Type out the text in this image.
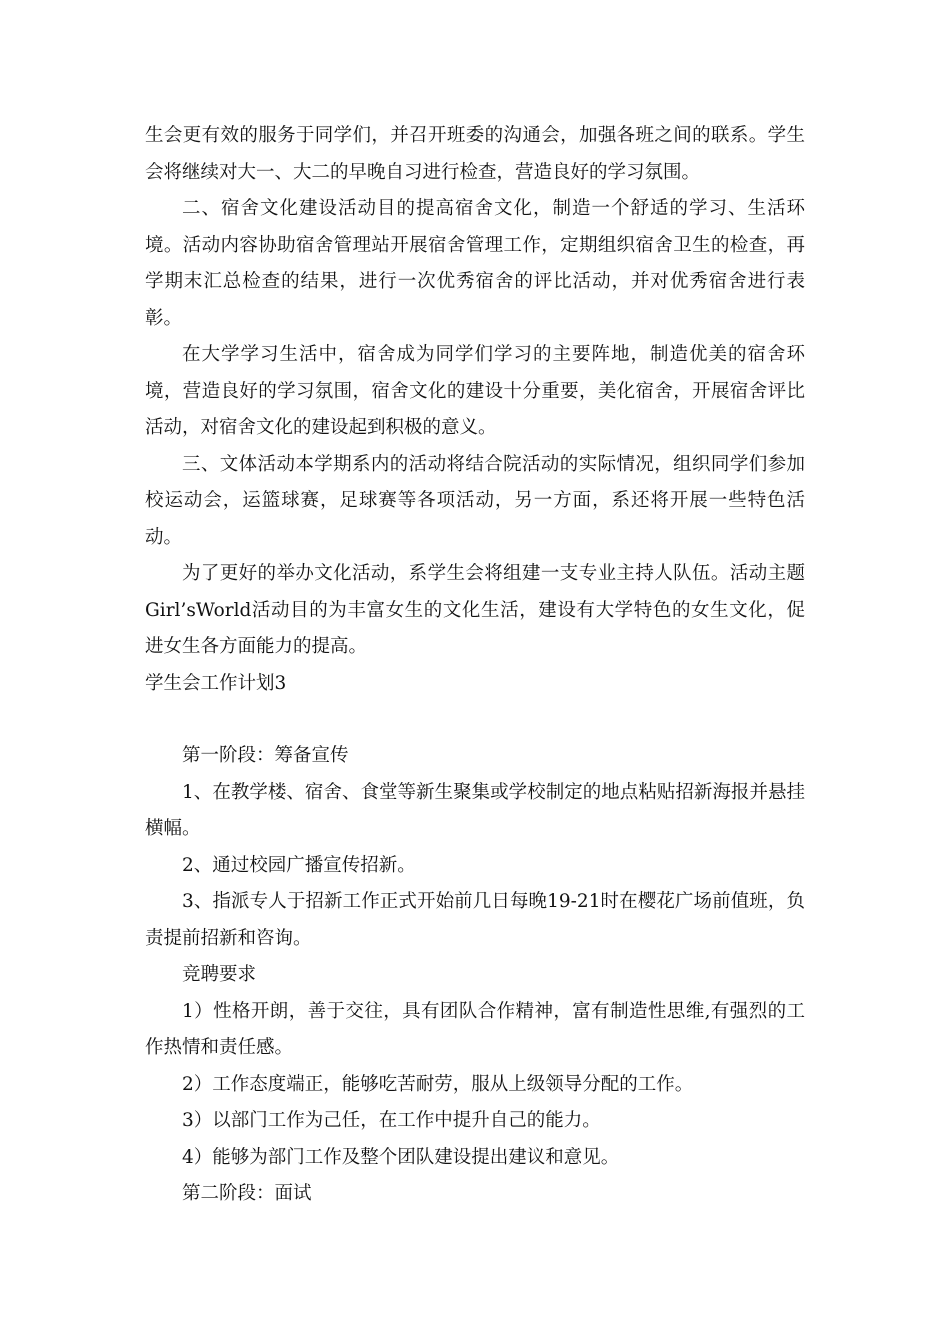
生会更有效的服务于同学们，并召开班委的沟通会，加强各班之间的联系。学生会将继续对大一、大二的早晚自习进行检查，营造良好的学习氛围。

二、宿舍文化建设活动目的提高宿舍文化，制造一个舒适的学习、生活环境。活动内容协助宿舍管理站开展宿舍管理工作，定期组织宿舍卫生的检查，再学期末汇总检查的结果，进行一次优秀宿舍的评比活动，并对优秀宿舍进行表彰。

在大学学习生活中，宿舍成为同学们学习的主要阵地，制造优美的宿舍环境，营造良好的学习氛围，宿舍文化的建设十分重要，美化宿舍，开展宿舍评比活动，对宿舍文化的建设起到积极的意义。

三、文体活动本学期系内的活动将结合院活动的实际情况，组织同学们参加校运动会，运篮球赛，足球赛等各项活动，另一方面，系还将开展一些特色活动。

为了更好的举办文化活动，系学生会将组建一支专业主持人队伍。活动主题Girl’sWorld活动目的为丰富女生的文化生活，建设有大学特色的女生文化，促进女生各方面能力的提高。

学生会工作计划3

第一阶段：筹备宣传

1、在教学楼、宿舍、食堂等新生聚集或学校制定的地点粘贴招新海报并悬挂横幅。

2、通过校园广播宣传招新。

3、指派专人于招新工作正式开始前几日每晚19-21时在樱花广场前值班，负责提前招新和咨询。

竞聘要求

1）性格开朗，善于交往，具有团队合作精神，富有制造性思维,有强烈的工作热情和责任感。

2）工作态度端正，能够吃苦耐劳，服从上级领导分配的工作。

3）以部门工作为己任，在工作中提升自己的能力。

4）能够为部门工作及整个团队建设提出建议和意见。

第二阶段：面试
